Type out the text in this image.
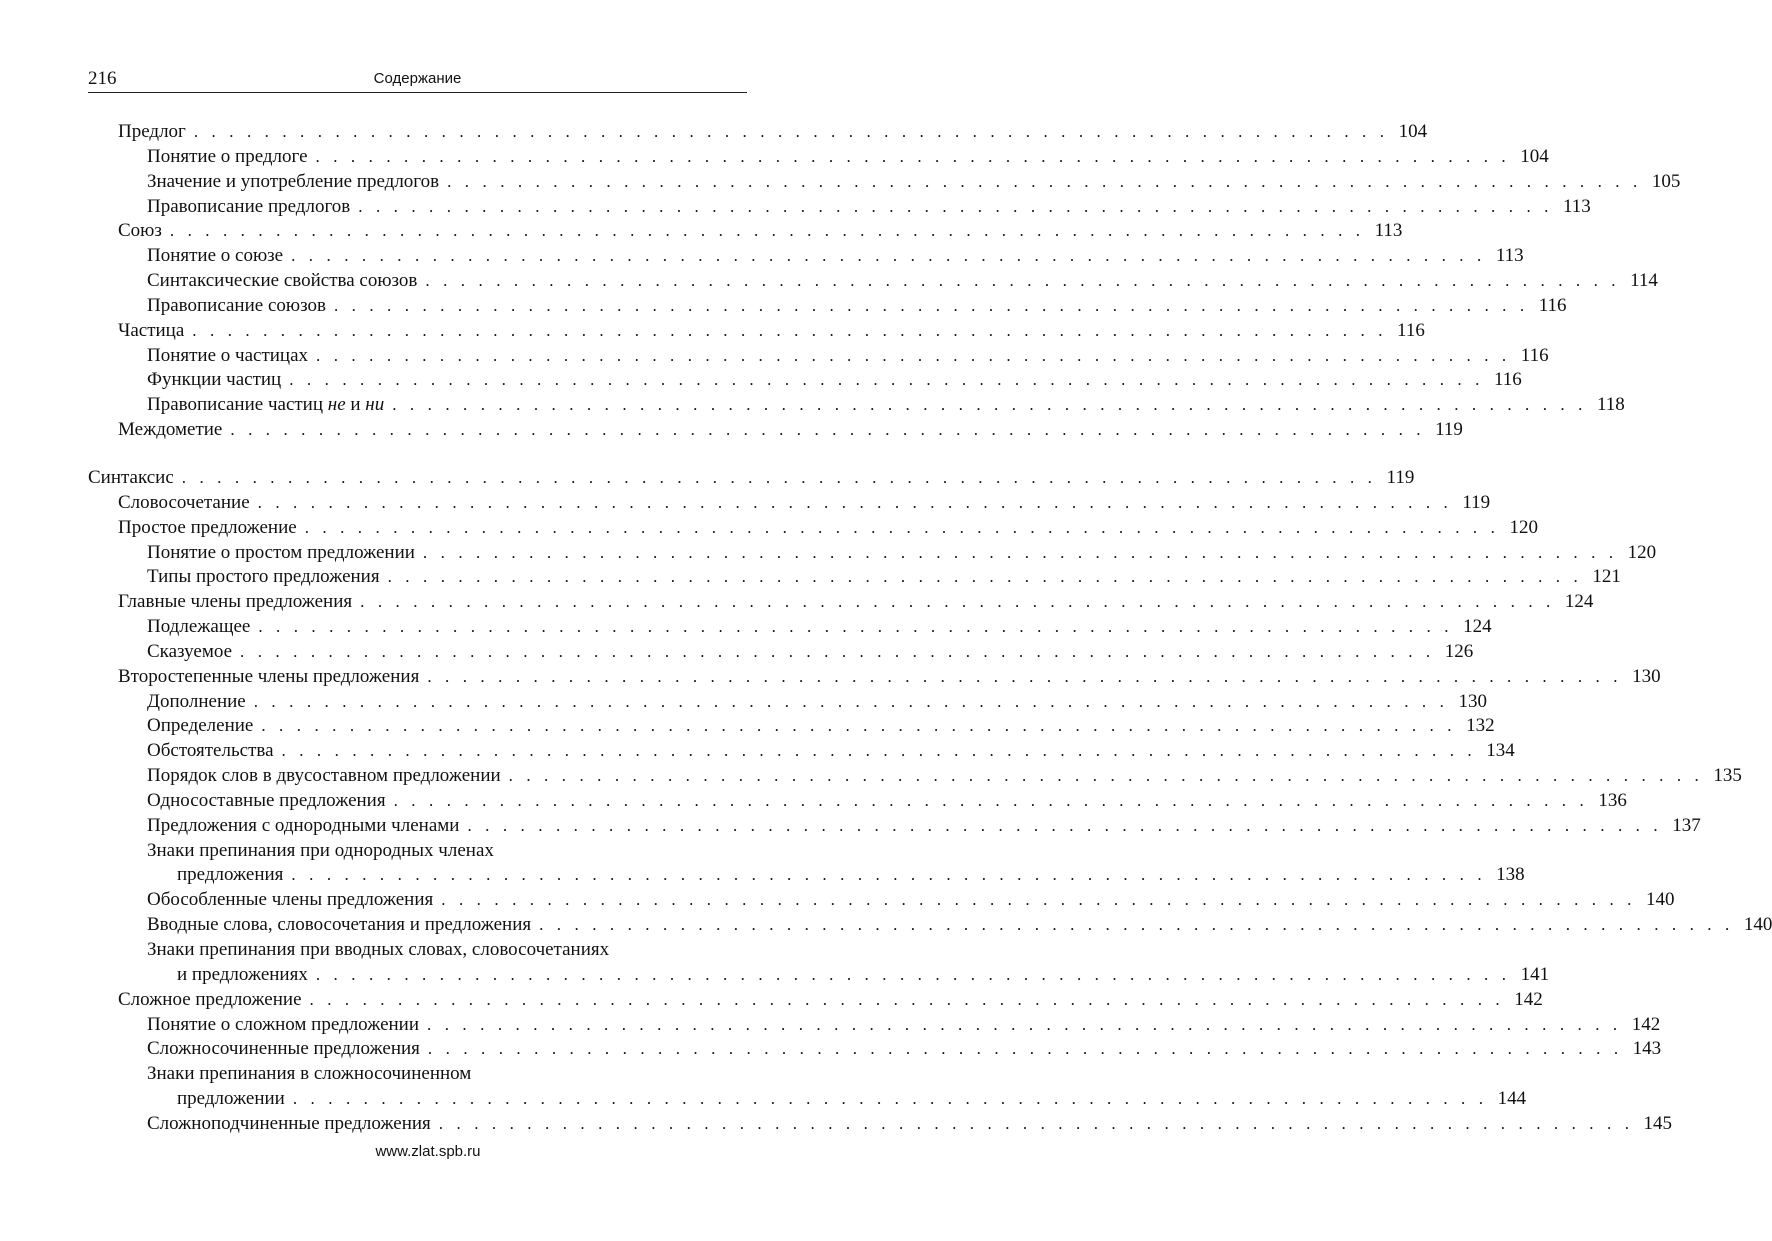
216	Содержание
Предлог . . . . . . . . . . . . . . . . . . . . . . . . . . . . . . . . . . . . . . . . . . . . . . . . . . . . . . . . . . . . . . . . . . . . 104
Понятие о предлоге . . . . . . . . . . . . . . . . . . . . . . . . . . . . . . . . . . . . . . . . . . . . . . . . . . . . . . . . . . . . . . . . . . . . 104
Значение и употребление предлогов . . . . . . . . . . . . . . . . . . . . . . . . . . . . . . . . . . . . . . . . . . . . . . . . . . . . . . . . . . . . . . . . . . . . 105
Правописание предлогов . . . . . . . . . . . . . . . . . . . . . . . . . . . . . . . . . . . . . . . . . . . . . . . . . . . . . . . . . . . . . . . . . . . . 113
Союз . . . . . . . . . . . . . . . . . . . . . . . . . . . . . . . . . . . . . . . . . . . . . . . . . . . . . . . . . . . . . . . . . . . . 113
Понятие о союзе . . . . . . . . . . . . . . . . . . . . . . . . . . . . . . . . . . . . . . . . . . . . . . . . . . . . . . . . . . . . . . . . . . . . 113
Синтаксические свойства союзов . . . . . . . . . . . . . . . . . . . . . . . . . . . . . . . . . . . . . . . . . . . . . . . . . . . . . . . . . . . . . . . . . . . . 114
Правописание союзов . . . . . . . . . . . . . . . . . . . . . . . . . . . . . . . . . . . . . . . . . . . . . . . . . . . . . . . . . . . . . . . . . . . . 116
Частица . . . . . . . . . . . . . . . . . . . . . . . . . . . . . . . . . . . . . . . . . . . . . . . . . . . . . . . . . . . . . . . . . . . . 116
Понятие о частицах . . . . . . . . . . . . . . . . . . . . . . . . . . . . . . . . . . . . . . . . . . . . . . . . . . . . . . . . . . . . . . . . . . . . 116
Функции частиц . . . . . . . . . . . . . . . . . . . . . . . . . . . . . . . . . . . . . . . . . . . . . . . . . . . . . . . . . . . . . . . . . . . . 116
Правописание частиц не и ни . . . . . . . . . . . . . . . . . . . . . . . . . . . . . . . . . . . . . . . . . . . . . . . . . . . . . . . . . . . . . . . . . . . . 118
Междометие . . . . . . . . . . . . . . . . . . . . . . . . . . . . . . . . . . . . . . . . . . . . . . . . . . . . . . . . . . . . . . . . . . . . 119
Синтаксис . . . . . . . . . . . . . . . . . . . . . . . . . . . . . . . . . . . . . . . . . . . . . . . . . . . . . . . . . . . . . . . . . . . . 119
Словосочетание . . . . . . . . . . . . . . . . . . . . . . . . . . . . . . . . . . . . . . . . . . . . . . . . . . . . . . . . . . . . . . . . . . . . 119
Простое предложение . . . . . . . . . . . . . . . . . . . . . . . . . . . . . . . . . . . . . . . . . . . . . . . . . . . . . . . . . . . . . . . . . . . . 120
Понятие о простом предложении . . . . . . . . . . . . . . . . . . . . . . . . . . . . . . . . . . . . . . . . . . . . . . . . . . . . . . . . . . . . . . . . . . . . 120
Типы простого предложения . . . . . . . . . . . . . . . . . . . . . . . . . . . . . . . . . . . . . . . . . . . . . . . . . . . . . . . . . . . . . . . . . . . . 121
Главные члены предложения . . . . . . . . . . . . . . . . . . . . . . . . . . . . . . . . . . . . . . . . . . . . . . . . . . . . . . . . . . . . . . . . . . . . 124
Подлежащее . . . . . . . . . . . . . . . . . . . . . . . . . . . . . . . . . . . . . . . . . . . . . . . . . . . . . . . . . . . . . . . . . . . . 124
Сказуемое . . . . . . . . . . . . . . . . . . . . . . . . . . . . . . . . . . . . . . . . . . . . . . . . . . . . . . . . . . . . . . . . . . . . 126
Второстепенные члены предложения . . . . . . . . . . . . . . . . . . . . . . . . . . . . . . . . . . . . . . . . . . . . . . . . . . . . . . . . . . . . . . . . . . . . 130
Дополнение . . . . . . . . . . . . . . . . . . . . . . . . . . . . . . . . . . . . . . . . . . . . . . . . . . . . . . . . . . . . . . . . . . . . 130
Определение . . . . . . . . . . . . . . . . . . . . . . . . . . . . . . . . . . . . . . . . . . . . . . . . . . . . . . . . . . . . . . . . . . . . 132
Обстоятельства . . . . . . . . . . . . . . . . . . . . . . . . . . . . . . . . . . . . . . . . . . . . . . . . . . . . . . . . . . . . . . . . . . . . 134
Порядок слов в двусоставном предложении . . . . . . . . . . . . . . . . . . . . . . . . . . . . . . . . . . . . . . . . . . . . . . . . . . . . . . . . . . . . . . . . . . . . 135
Односоставные предложения . . . . . . . . . . . . . . . . . . . . . . . . . . . . . . . . . . . . . . . . . . . . . . . . . . . . . . . . . . . . . . . . . . . . 136
Предложения с однородными членами . . . . . . . . . . . . . . . . . . . . . . . . . . . . . . . . . . . . . . . . . . . . . . . . . . . . . . . . . . . . . . . . . . . . 137
Знаки препинания при однородных членах
предложения . . . . . . . . . . . . . . . . . . . . . . . . . . . . . . . . . . . . . . . . . . . . . . . . . . . . . . . . . . . . . . . . . . . . 138
Обособленные члены предложения . . . . . . . . . . . . . . . . . . . . . . . . . . . . . . . . . . . . . . . . . . . . . . . . . . . . . . . . . . . . . . . . . . . . 140
Вводные слова, словосочетания и предложения . . . . . . . . . . . . . . . . . . . . . . . . . . . . . . . . . . . . . . . . . . . . . . . . . . . . . . . . . . . . . . . . . . . . 140
Знаки препинания при вводных словах, словосочетаниях
и предложениях . . . . . . . . . . . . . . . . . . . . . . . . . . . . . . . . . . . . . . . . . . . . . . . . . . . . . . . . . . . . . . . . . . . . 141
Сложное предложение . . . . . . . . . . . . . . . . . . . . . . . . . . . . . . . . . . . . . . . . . . . . . . . . . . . . . . . . . . . . . . . . . . . . 142
Понятие о сложном предложении . . . . . . . . . . . . . . . . . . . . . . . . . . . . . . . . . . . . . . . . . . . . . . . . . . . . . . . . . . . . . . . . . . . . 142
Сложносочиненные предложения . . . . . . . . . . . . . . . . . . . . . . . . . . . . . . . . . . . . . . . . . . . . . . . . . . . . . . . . . . . . . . . . . . . . 143
Знаки препинания в сложносочиненном
предложении . . . . . . . . . . . . . . . . . . . . . . . . . . . . . . . . . . . . . . . . . . . . . . . . . . . . . . . . . . . . . . . . . . . . 144
Сложноподчиненные предложения . . . . . . . . . . . . . . . . . . . . . . . . . . . . . . . . . . . . . . . . . . . . . . . . . . . . . . . . . . . . . . . . . . . . 145
www.zlat.spb.ru
